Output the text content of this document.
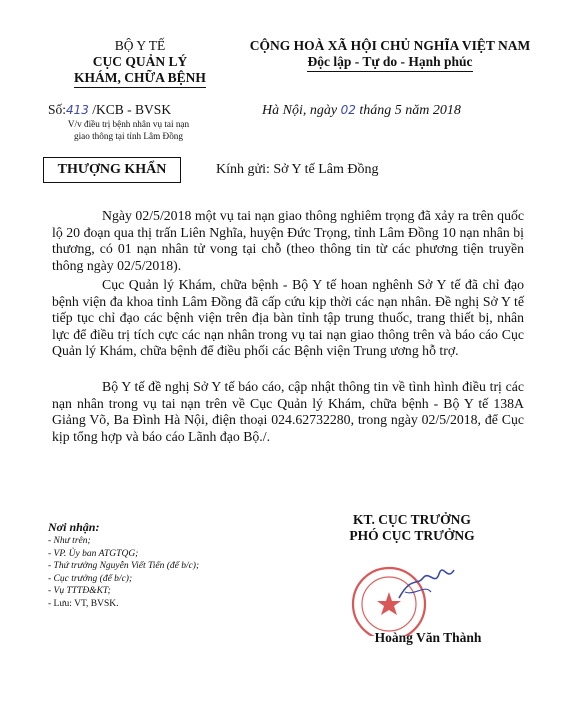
BỘ Y TẾ
CỤC QUẢN LÝ
KHÁM, CHỮA BỆNH
CỘNG HOÀ XÃ HỘI CHỦ NGHĨA VIỆT NAM
Độc lập - Tự do - Hạnh phúc
Số:413 /KCB - BVSK
V/v điều trị bệnh nhân vụ tai nạn
giao thông tại tỉnh Lâm Đồng
Hà Nội, ngày 02 tháng 5 năm 2018
THƯỢNG KHẨN	Kính gửi: Sở Y tế Lâm Đồng

Ngày 02/5/2018 một vụ tai nạn giao thông nghiêm trọng đã xảy ra trên quốc lộ 20 đoạn qua thị trấn Liên Nghĩa, huyện Đức Trọng, tỉnh Lâm Đồng 10 nạn nhân bị thương, có 01 nạn nhân tử vong tại chỗ (theo thông tin từ các phương tiện truyền thông ngày 02/5/2018).

Cục Quản lý Khám, chữa bệnh - Bộ Y tế hoan nghênh Sở Y tế đã chỉ đạo bệnh viện đa khoa tỉnh Lâm Đồng đã cấp cứu kịp thời các nạn nhân. Đề nghị Sở Y tế tiếp tục chỉ đạo các bệnh viện trên địa bàn tỉnh tập trung thuốc, trang thiết bị, nhân lực để điều trị tích cực các nạn nhân trong vụ tai nạn giao thông trên và báo cáo Cục Quản lý Khám, chữa bệnh để điều phối các Bệnh viện Trung ương hỗ trợ.

Bộ Y tế đề nghị Sở Y tế báo cáo, cập nhật thông tin về tình hình điều trị các nạn nhân trong vụ tai nạn trên về Cục Quản lý Khám, chữa bệnh - Bộ Y tế 138A Giảng Võ, Ba Đình Hà Nội, điện thoại 024.62732280, trong ngày 02/5/2018, để Cục kịp tổng hợp và báo cáo Lãnh đạo Bộ./.

Nơi nhận:
- Như trên;
- VP. Ủy ban ATGTQG;
- Thứ trưởng Nguyễn Viết Tiến (để b/c);
- Cục trưởng (để b/c);
- Vụ TTTĐ&KT;
- Lưu: VT, BVSK.
KT. CỤC TRƯỞNG
PHÓ CỤC TRƯỞNG
Hoàng Văn Thành
